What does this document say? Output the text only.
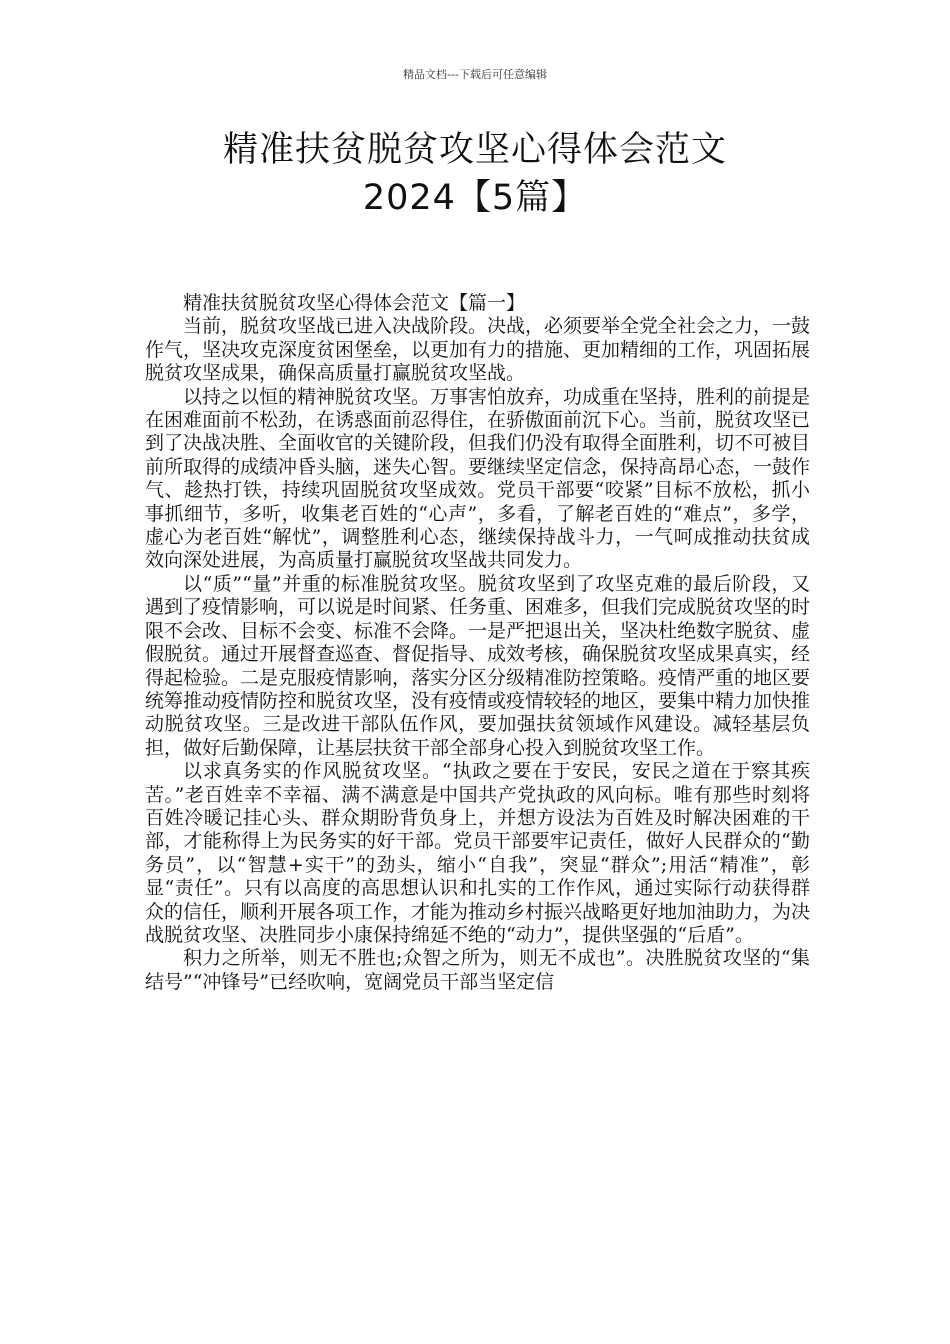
精品文档---下载后可任意编辑
精准扶贫脱贫攻坚心得体会范文
2024【5篇】
精准扶贫脱贫攻坚心得体会范文【篇一】

当前，脱贫攻坚战已进入决战阶段。决战，必须要举全党全社会之力，一鼓作气，坚决攻克深度贫困堡垒，以更加有力的措施、更加精细的工作，巩固拓展脱贫攻坚成果，确保高质量打赢脱贫攻坚战。

以持之以恒的精神脱贫攻坚。万事害怕放弃，功成重在坚持，胜利的前提是在困难面前不松劲，在诱惑面前忍得住，在骄傲面前沉下心。当前，脱贫攻坚已到了决战决胜、全面收官的关键阶段，但我们仍没有取得全面胜利，切不可被目前所取得的成绩冲昏头脑，迷失心智。要继续坚定信念，保持高昂心态，一鼓作气、趁热打铁，持续巩固脱贫攻坚成效。党员干部要“咬紧”目标不放松，抓小事抓细节，多听，收集老百姓的“心声”，多看，了解老百姓的“难点”，多学，虚心为老百姓“解忧”，调整胜利心态，继续保持战斗力，一气呵成推动扶贫成效向深处进展，为高质量打赢脱贫攻坚战共同发力。

以“质”“量”并重的标准脱贫攻坚。脱贫攻坚到了攻坚克难的最后阶段，又遇到了疫情影响，可以说是时间紧、任务重、困难多，但我们完成脱贫攻坚的时限不会改、目标不会变、标准不会降。一是严把退出关，坚决杜绝数字脱贫、虚假脱贫。通过开展督查巡查、督促指导、成效考核，确保脱贫攻坚成果真实，经得起检验。二是克服疫情影响，落实分区分级精准防控策略。疫情严重的地区要统筹推动疫情防控和脱贫攻坚，没有疫情或疫情较轻的地区，要集中精力加快推动脱贫攻坚。三是改进干部队伍作风，要加强扶贫领域作风建设。减轻基层负担，做好后勤保障，让基层扶贫干部全部身心投入到脱贫攻坚工作。

以求真务实的作风脱贫攻坚。“执政之要在于安民，安民之道在于察其疾苦。”老百姓幸不幸福、满不满意是中国共产党执政的风向标。唯有那些时刻将百姓冷暖记挂心头、群众期盼背负身上，并想方设法为百姓及时解决困难的干部，才能称得上为民务实的好干部。党员干部要牢记责任，做好人民群众的“勤务员”，以“智慧+实干”的劲头，缩小“自我”，突显“群众”;用活“精准”，彰显“责任”。只有以高度的高思想认识和扎实的工作作风，通过实际行动获得群众的信任，顺利开展各项工作，才能为推动乡村振兴战略更好地加油助力，为决战脱贫攻坚、决胜同步小康保持绵延不绝的“动力”，提供坚强的“后盾”。

积力之所举，则无不胜也;众智之所为，则无不成也”。决胜脱贫攻坚的“集结号”“冲锋号”已经吹响，宽阔党员干部当坚定信
